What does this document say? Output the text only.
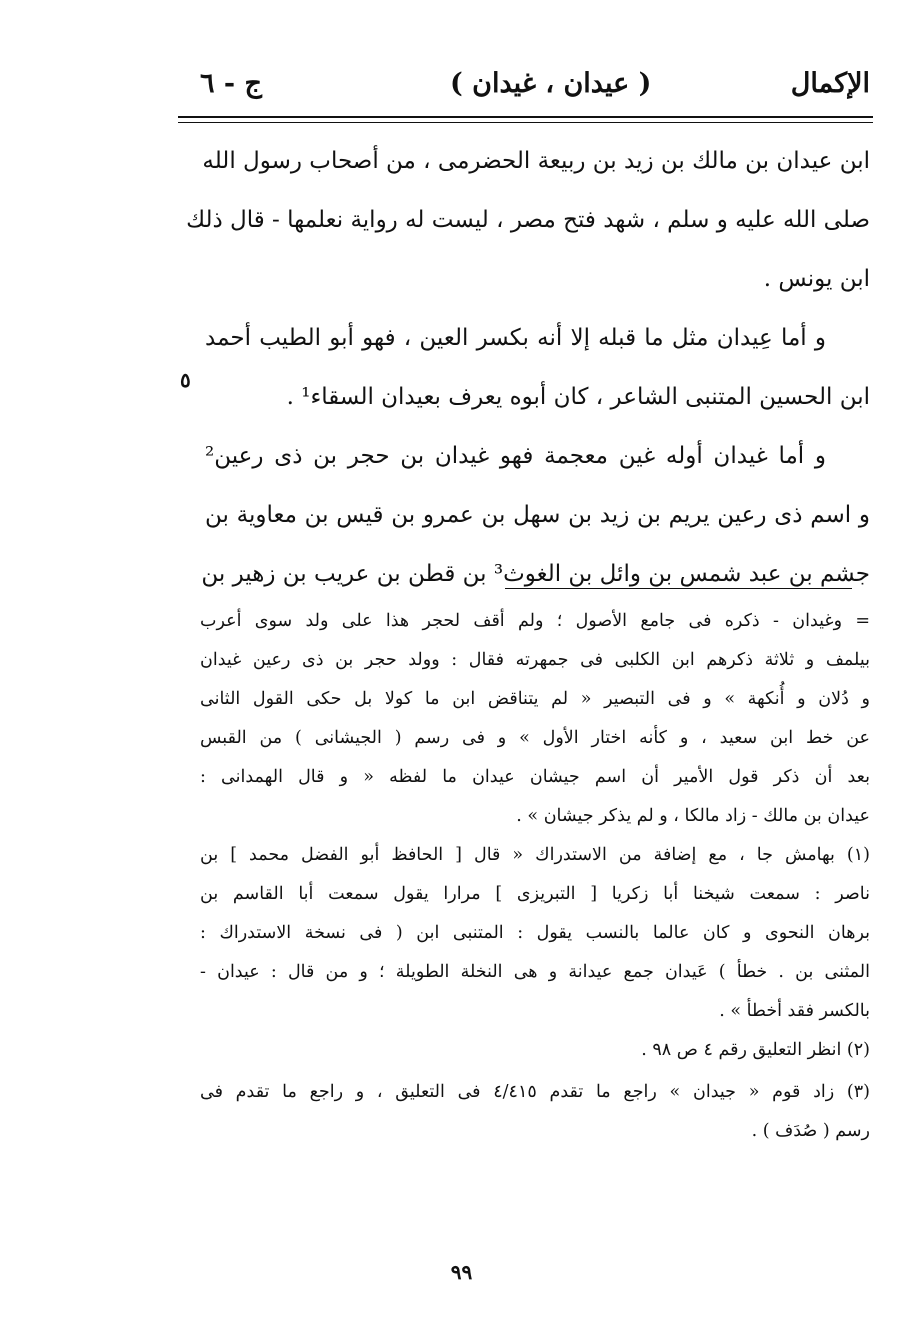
ج - ٦	( عيدان ، غيدان )	الإكمال
ابن عيدان بن مالك بن زيد بن ربيعة الحضرمى ، من أصحاب رسول الله
صلى الله عليه و سلم ، شهد فتح مصر ، ليست له رواية نعلمها - قال ذلك
ابن يونس .
و أما عِيدان مثل ما قبله إلا أنه بكسر العين ، فهو أبو الطيب أحمد
ابن الحسين المتنبى الشاعر ، كان أبوه يعرف بعيدان السقاء¹ .
و أما غيدان أوله غين معجمة فهو غيدان بن حجر بن ذى رعين²
و اسم ذى رعين يريم بن زيد بن سهل بن عمرو بن قيس بن معاوية بن
جشم بن عبد شمس بن وائل بن الغوث³ بن قطن بن عريب بن زهير بن
٥
= وغيدان - ذكره فى جامع الأصول ؛ ولم أقف لحجر هذا على ولد سوى أعرب
بيلمف و ثلاثة ذكرهم ابن الكلبى فى جمهرته فقال : وولد حجر بن ذى رعين غيدان
و دُلان و أُنكهة » و فى التبصير « لم يتناقض ابن ما كولا بل حكى القول الثانى
عن خط ابن سعيد ، و كأنه اختار الأول » و فى رسم ( الجيشانى ) من القبس
بعد أن ذكر قول الأمير أن اسم جيشان عيدان ما لفظه « و قال الهمدانى :
عيدان بن مالك - زاد مالكا ، و لم يذكر جيشان » .
(١) بهامش جا ، مع إضافة من الاستدراك « قال [ الحافظ أبو الفضل محمد ] بن
ناصر : سمعت شيخنا أبا زكريا [ التبريزى ] مرارا يقول سمعت أبا القاسم بن
برهان النحوى و كان عالما بالنسب يقول : المتنبى ابن ( فى نسخة الاستدراك :
المثنى بن . خطأ ) عَيدان جمع عيدانة و هى النخلة الطويلة ؛ و من قال : عيدان -
بالكسر فقد أخطأ » .
(٢) انظر التعليق رقم ٤ ص ٩٨ .
(٣) زاد قوم « جيدان » راجع ما تقدم ٤/٤١٥ فى التعليق ، و راجع ما تقدم فى
رسم ( صُدَف ) .
٩٩
